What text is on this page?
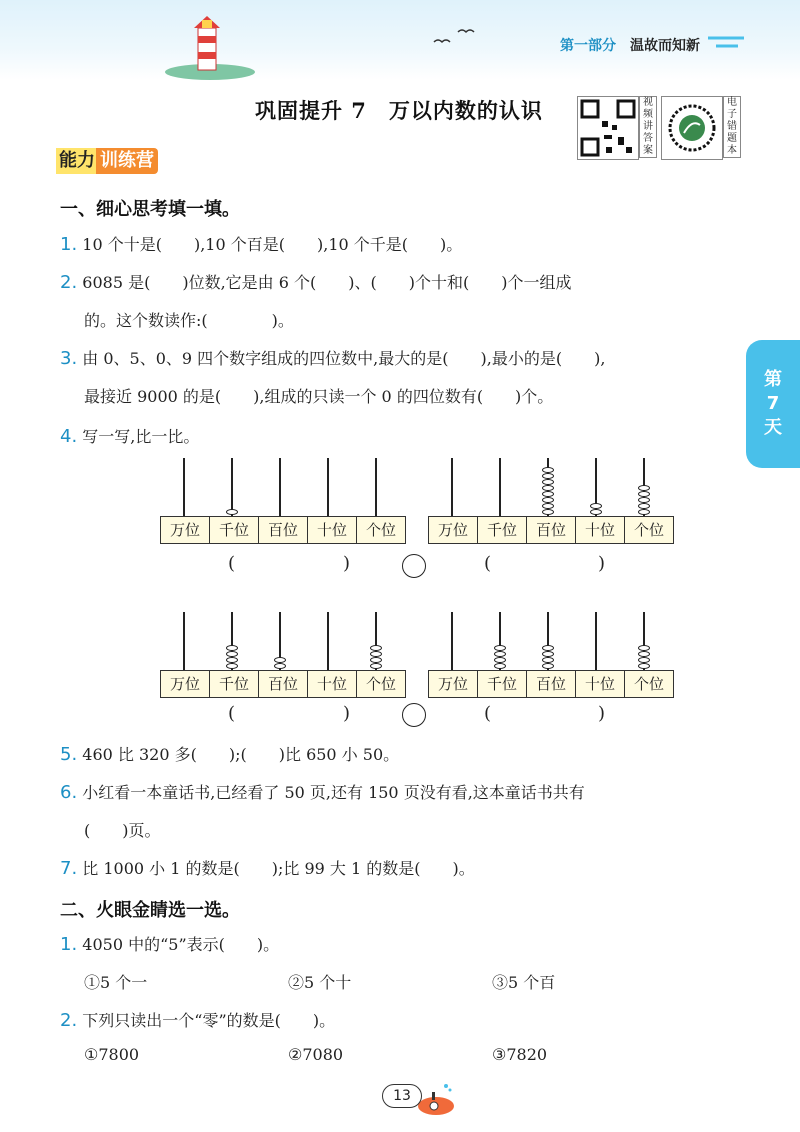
第一部分 温故而知新
巩固提升 7　万以内数的认识	视频讲答案
电子错题本
能力 训练营
第
7
天
一、细心思考填一填。
1. 10 个十是(　　),10 个百是(　　),10 个千是(　　)。
2. 6085 是(　　)位数,它是由 6 个(　　)、(　　)个十和(　　)个一组成
的。这个数读作:(　　　　)。
3. 由 0、5、0、9 四个数字组成的四位数中,最大的是(　　),最小的是(　　),
最接近 9000 的是(　　),组成的只读一个 0 的四位数有(　　)个。
4. 写一写,比一比。
万位	千位	百位	十位	个位	万位	千位	百位	十位	个位
万位	千位	百位	十位	个位	万位	千位	百位	十位	个位
(	)	(	)
(	)	(	)
5. 460 比 320 多(　　);(　　)比 650 小 50。
6. 小红看一本童话书,已经看了 50 页,还有 150 页没有看,这本童话书共有
(　　)页。
7. 比 1000 小 1 的数是(　　);比 99 大 1 的数是(　　)。
二、火眼金睛选一选。
1. 4050 中的“5”表示(　　)。
①5 个一	②5 个十	③5 个百
2. 下列只读出一个“零”的数是(　　)。
①7800	②7080	③7820
13
